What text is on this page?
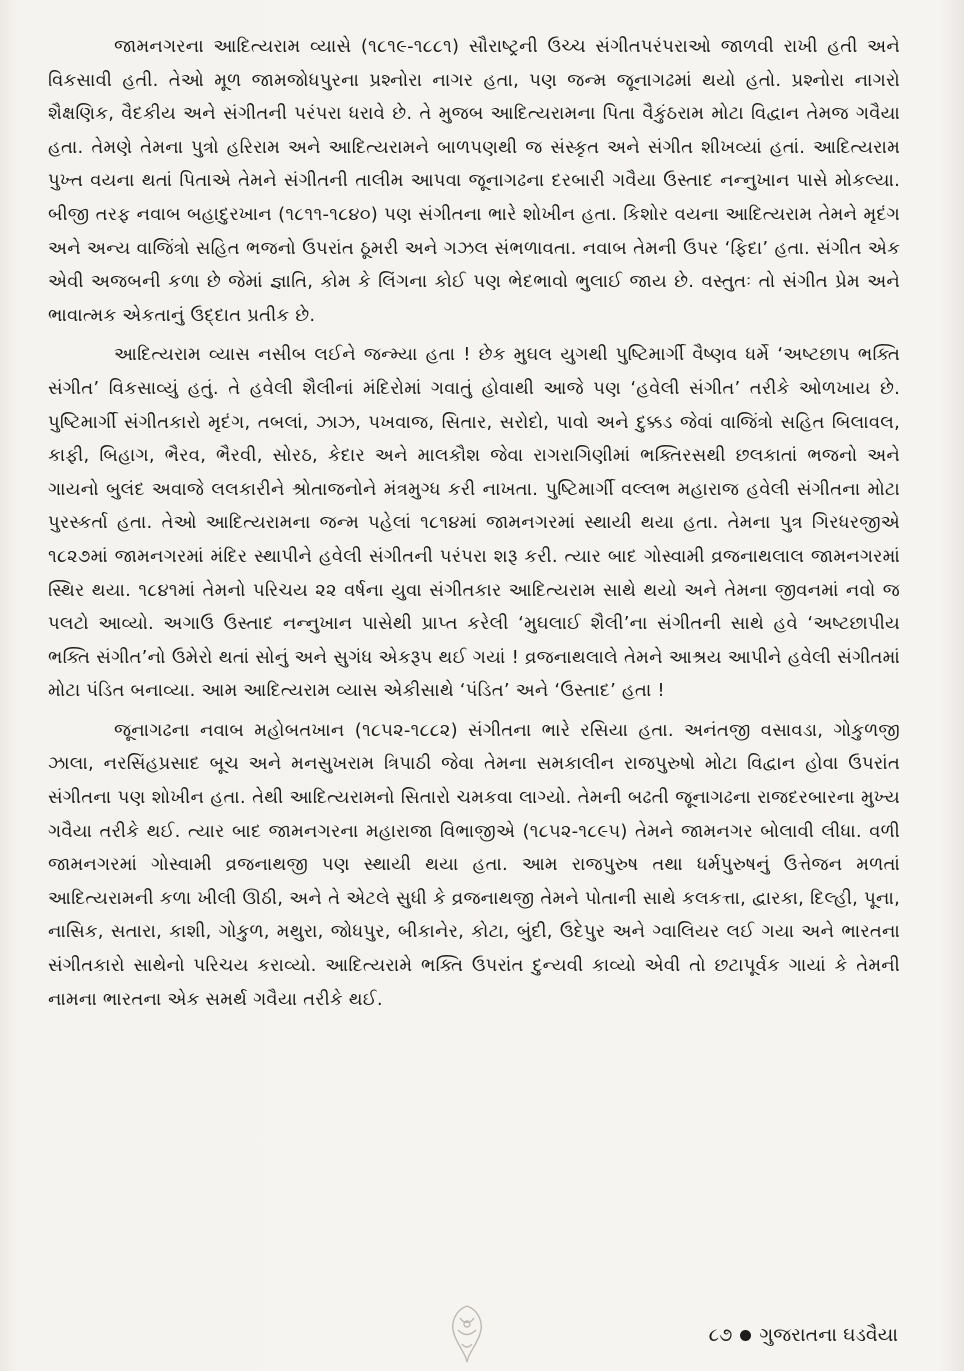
જામનગરના આદિત્યરામ વ્યાસે (૧૮૧૯-૧૮૮૧) સૌરાષ્ટ્રની ઉચ્ચ સંગીતપરંપરાઓ જાળવી રાખી હતી અને વિકસાવી હતી. તેઓ મૂળ જામજોધપુરના પ્રશ્નોરા નાગર હતા, પણ જન્મ જૂનાગઢમાં થયો હતો. પ્રશ્નોરા નાગરો શૈક્ષણિક, વૈદકીય અને સંગીતની પરંપરા ધરાવે છે. તે મુજબ આદિત્યરામના પિતા વૈકુંઠરામ મોટા વિદ્વાન તેમજ ગવૈયા હતા. તેમણે તેમના પુત્રો હરિરામ અને આદિત્યરામને બાળપણથી જ સંસ્કૃત અને સંગીત શીખવ્યાં હતાં. આદિત્યરામ પુખ્ત વયના થતાં પિતાએ તેમને સંગીતની તાલીમ આપવા જૂનાગઢના દરબારી ગવૈયા ઉસ્તાદ નન્નુખાન પાસે મોકલ્યા. બીજી તરફ નવાબ બહાદુરખાન (૧૮૧૧-૧૮૪૦) પણ સંગીતના ભારે શોખીન હતા. કિશોર વયના આદિત્યરામ તેમને મૃદંગ અને અન્ય વાજિંત્રો સહિત ભજનો ઉપરાંત ઠૂમરી અને ગઝલ સંભળાવતા. નવાબ તેમની ઉપર ‘ફિદા’ હતા. સંગીત એક એવી અજબની કળા છે જેમાં જ્ઞાતિ, કોમ કે લિંગના કોઈ પણ ભેદભાવો ભુલાઈ જાય છે. વસ્તુતઃ તો સંગીત પ્રેમ અને ભાવાત્મક એકતાનું ઉદ્દાત પ્રતીક છે.

આદિત્યરામ વ્યાસ નસીબ લઈને જન્મ્યા હતા ! છેક મુઘલ યુગથી પુષ્ટિમાર્ગી વૈષ્ણવ ધર્મે ‘અષ્ટછાપ ભક્તિ સંગીત’ વિકસાવ્યું હતું. તે હવેલી શૈલીનાં મંદિરોમાં ગવાતું હોવાથી આજે પણ ‘હવેલી સંગીત’ તરીકે ઓળખાય છે. પુષ્ટિમાર્ગી સંગીતકારો મૃદંગ, તબલાં, ઝાઝ, પખવાજ, સિતાર, સરોદો, પાવો અને દુક્કડ જેવાં વાજિંત્રો સહિત બિલાવલ, કાફી, બિહાગ, ભૈરવ, ભૈરવી, સોરઠ, કેદાર અને માલકૌશ જેવા રાગરાગિણીમાં ભક્તિરસથી છલકાતાં ભજનો અને ગાયનો બુલંદ અવાજે લલકારીને શ્રોતાજનોને મંત્રમુગ્ધ કરી નાખતા. પુષ્ટિમાર્ગી વલ્લભ મહારાજ હવેલી સંગીતના મોટા પુરસ્કર્તા હતા. તેઓ આદિત્યરામના જન્મ પહેલાં ૧૮૧૪માં જામનગરમાં સ્થાયી થયા હતા. તેમના પુત્ર ગિરધરજીએ ૧૮૨૭માં જામનગરમાં મંદિર સ્થાપીને હવેલી સંગીતની પરંપરા શરૂ કરી. ત્યાર બાદ ગોસ્વામી વ્રજનાથલાલ જામનગરમાં સ્થિર થયા. ૧૮૪૧માં તેમનો પરિચય ૨૨ વર્ષના યુવા સંગીતકાર આદિત્યરામ સાથે થયો અને તેમના જીવનમાં નવો જ પલટો આવ્યો. અગાઉ ઉસ્તાદ નન્નુખાન પાસેથી પ્રાપ્ત કરેલી ‘મુઘલાઈ શૈલી’ના સંગીતની સાથે હવે ‘અષ્ટછાપીય ભક્તિ સંગીત’નો ઉમેરો થતાં સોનું અને સુગંધ એકરૂપ થઈ ગયાં ! વ્રજનાથલાલે તેમને આશ્રય આપીને હવેલી સંગીતમાં મોટા પંડિત બનાવ્યા. આમ આદિત્યરામ વ્યાસ એકીસાથે ‘પંડિત’ અને ‘ઉસ્તાદ’ હતા !

જૂનાગઢના નવાબ મહોબતખાન (૧૮૫૨-૧૮૮૨) સંગીતના ભારે રસિયા હતા. અનંતજી વસાવડા, ગોકુળજી ઝાલા, નરસિંહપ્રસાદ બૂચ અને મનસુખરામ ત્રિપાઠી જેવા તેમના સમકાલીન રાજપુરુષો મોટા વિદ્વાન હોવા ઉપરાંત સંગીતના પણ શોખીન હતા. તેથી આદિત્યરામનો સિતારો ચમકવા લાગ્યો. તેમની બઢતી જૂનાગઢના રાજદરબારના મુખ્ય ગવૈયા તરીકે થઈ. ત્યાર બાદ જામનગરના મહારાજા વિભાજીએ (૧૮૫૨-૧૮૯૫) તેમને જામનગર બોલાવી લીધા. વળી જામનગરમાં ગોસ્વામી વ્રજનાથજી પણ સ્થાયી થયા હતા. આમ રાજપુરુષ તથા ધર્મપુરુષનું ઉત્તેજન મળતાં આદિત્યરામની કળા ખીલી ઊઠી, અને તે એટલે સુધી કે વ્રજનાથજી તેમને પોતાની સાથે કલકત્તા, દ્વારકા, દિલ્હી, પૂના, નાસિક, સતારા, કાશી, ગોકુળ, મથુરા, જોધપુર, બીકાનેર, કોટા, બુંદી, ઉદેપુર અને ગ્વાલિયર લઈ ગયા અને ભારતના સંગીતકારો સાથેનો પરિચય કરાવ્યો. આદિત્યરામે ભક્તિ ઉપરાંત દુન્યવી કાવ્યો એવી તો છટાપૂર્વક ગાયાં કે તેમની નામના ભારતના એક સમર્થ ગવૈયા તરીકે થઈ.

૮૭ ગુજરાતના ઘડવૈયા
